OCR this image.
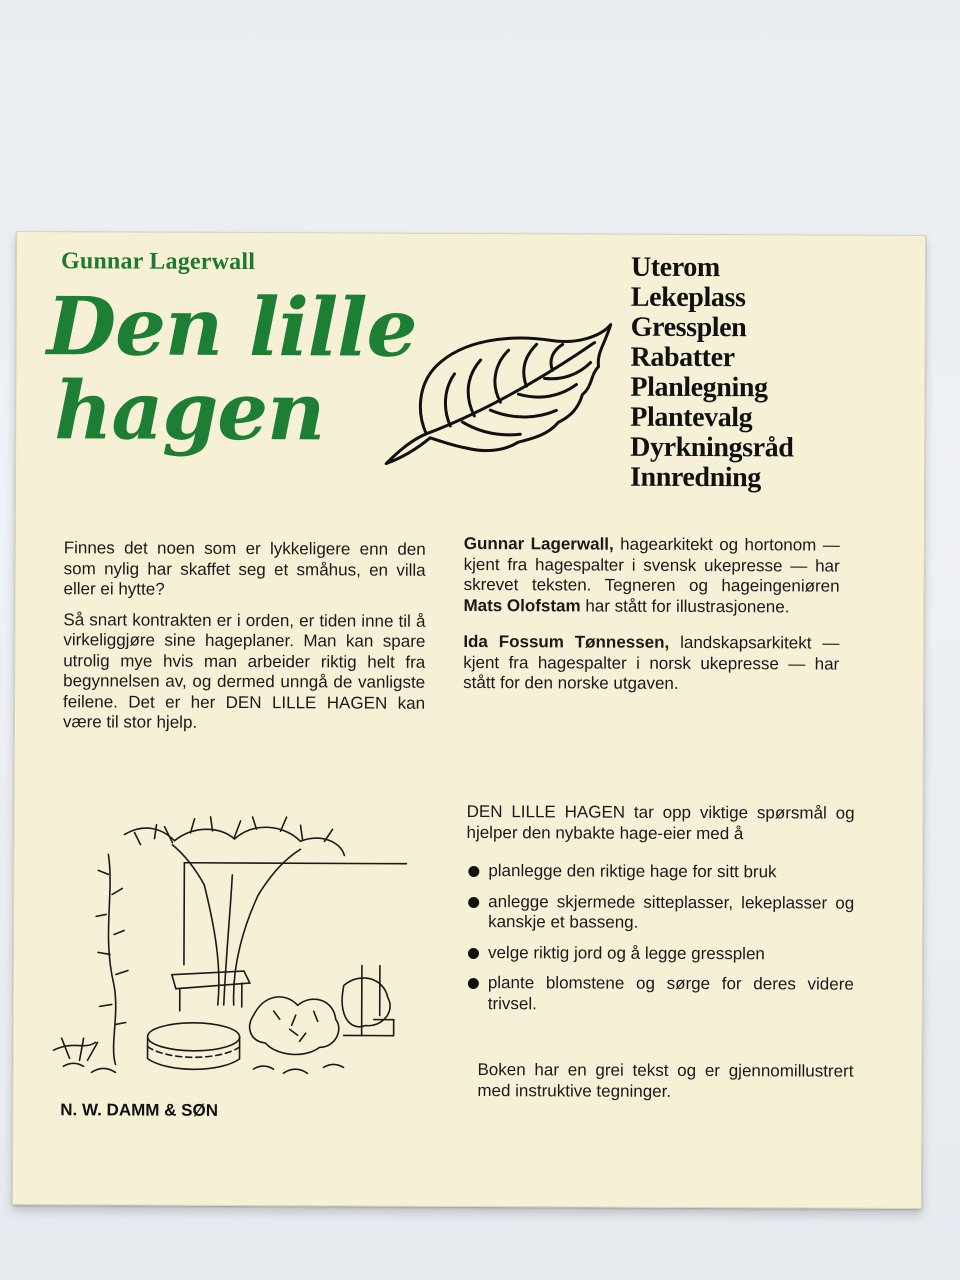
Gunnar Lagerwall
Den lille
hagen
Uterom
Lekeplass
Gressplen
Rabatter
Planlegning
Plantevalg
Dyrkningsråd
Innredning

Finnes det noen som er lykkeligere enn den som nylig har skaffet seg et småhus, en villa eller ei hytte?

Så snart kontrakten er i orden, er tiden inne til å virkeliggjøre sine hageplaner. Man kan spare utrolig mye hvis man arbeider riktig helt fra begynnelsen av, og dermed unngå de vanligste feilene. Det er her DEN LILLE HAGEN kan være til stor hjelp.

Gunnar Lagerwall, hagearkitekt og hortonom — kjent fra hagespalter i svensk ukepresse — har skrevet teksten. Tegneren og hageingeniøren Mats Olofstam har stått for illustrasjonene.

Ida Fossum Tønnessen, landskapsarkitekt — kjent fra hagespalter i norsk ukepresse — har stått for den norske utgaven.

N. W. DAMM & SØN

DEN LILLE HAGEN tar opp viktige spørsmål og hjelper den nybakte hage-eier med å

planlegge den riktige hage for sitt bruk
anlegge skjermede sitteplasser, lekeplasser og kanskje et basseng.
velge riktig jord og å legge gressplen
plante blomstene og sørge for deres videre trivsel.
Boken har en grei tekst og er gjennomillustrert med instruktive tegninger.
